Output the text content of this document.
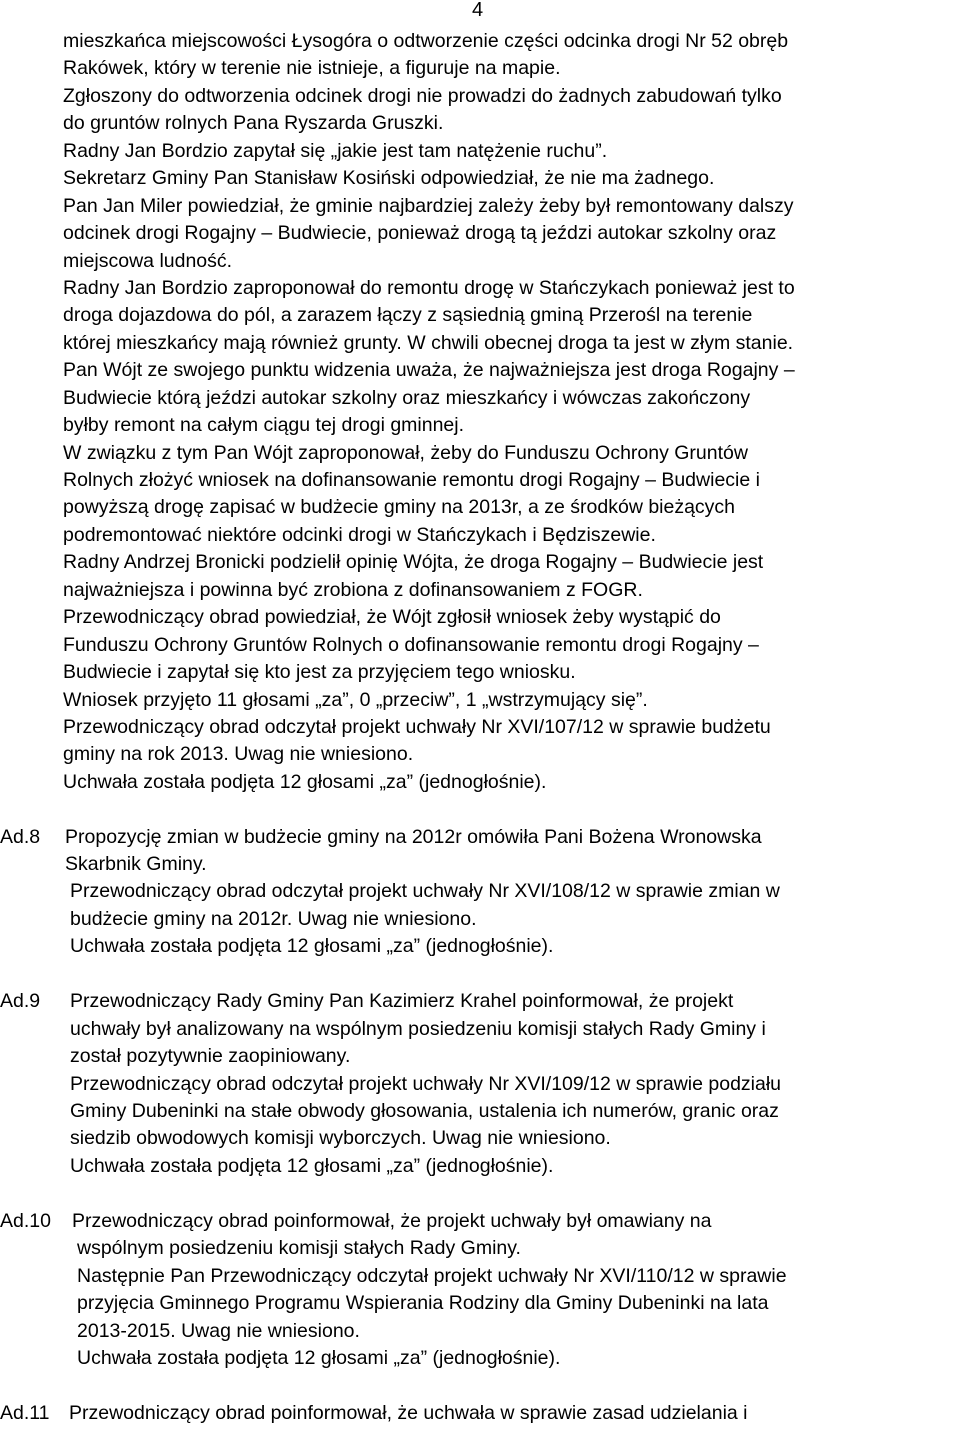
4
mieszkańca miejscowości Łysogóra o odtworzenie części odcinka drogi Nr 52 obręb
Rakówek, który w terenie nie istnieje, a figuruje na mapie.
Zgłoszony do odtworzenia odcinek drogi nie prowadzi do żadnych zabudowań tylko
do gruntów rolnych Pana Ryszarda Gruszki.
Radny Jan Bordzio zapytał się „jakie jest tam natężenie ruchu”.
Sekretarz Gminy Pan Stanisław Kosiński odpowiedział, że nie ma żadnego.
Pan Jan Miler powiedział, że gminie najbardziej zależy żeby był remontowany dalszy
odcinek drogi Rogajny – Budwiecie, ponieważ drogą tą jeździ autokar szkolny oraz
miejscowa ludność.
Radny Jan Bordzio zaproponował do remontu drogę w Stańczykach ponieważ jest to
droga dojazdowa do pól, a zarazem łączy z sąsiednią gminą Przerośl na terenie
której mieszkańcy mają również grunty. W chwili obecnej droga ta jest w złym stanie.
Pan Wójt ze swojego punktu widzenia uważa, że najważniejsza jest droga Rogajny –
Budwiecie którą jeździ autokar szkolny oraz mieszkańcy i wówczas zakończony
byłby remont na całym ciągu tej drogi gminnej.
W związku z tym Pan Wójt zaproponował, żeby do Funduszu Ochrony Gruntów
Rolnych złożyć wniosek na dofinansowanie remontu drogi Rogajny – Budwiecie i
powyższą drogę zapisać w budżecie gminy na 2013r, a ze środków bieżących
podremontować niektóre odcinki drogi w Stańczykach i Będziszewie.
Radny Andrzej Bronicki podzielił opinię Wójta, że droga Rogajny – Budwiecie jest
najważniejsza i powinna być zrobiona z dofinansowaniem z FOGR.
Przewodniczący obrad powiedział, że Wójt zgłosił wniosek żeby wystąpić do
Funduszu Ochrony Gruntów Rolnych o dofinansowanie remontu drogi Rogajny –
Budwiecie i zapytał się kto jest za przyjęciem tego wniosku.
Wniosek przyjęto 11 głosami „za”, 0 „przeciw”, 1 „wstrzymujący się”.
Przewodniczący obrad odczytał projekt uchwały Nr XVI/107/12 w sprawie budżetu
gminy na rok 2013. Uwag nie wniesiono.
Uchwała została podjęta 12 głosami „za” (jednogłośnie).
Ad.8 Propozycję zmian w budżecie gminy na 2012r omówiła Pani Bożena Wronowska
Skarbnik Gminy.
Przewodniczący obrad odczytał projekt uchwały Nr XVI/108/12 w sprawie zmian w
budżecie gminy na 2012r. Uwag nie wniesiono.
Uchwała została podjęta 12 głosami „za” (jednogłośnie).
Ad.9 Przewodniczący Rady Gminy Pan Kazimierz Krahel poinformował, że projekt
uchwały był analizowany na wspólnym posiedzeniu komisji stałych Rady Gminy i
został pozytywnie zaopiniowany.
Przewodniczący obrad odczytał projekt uchwały Nr XVI/109/12 w sprawie podziału
Gminy Dubeninki na stałe obwody głosowania, ustalenia ich numerów, granic oraz
siedzib obwodowych komisji wyborczych. Uwag nie wniesiono.
Uchwała została podjęta 12 głosami „za” (jednogłośnie).
Ad.10 Przewodniczący obrad poinformował, że projekt uchwały był omawiany na
wspólnym posiedzeniu komisji stałych Rady Gminy.
Następnie Pan Przewodniczący odczytał projekt uchwały Nr XVI/110/12 w sprawie
przyjęcia Gminnego Programu Wspierania Rodziny dla Gminy Dubeninki na lata
2013-2015. Uwag nie wniesiono.
Uchwała została podjęta 12 głosami „za” (jednogłośnie).
Ad.11 Przewodniczący obrad poinformował, że uchwała w sprawie zasad udzielania i
